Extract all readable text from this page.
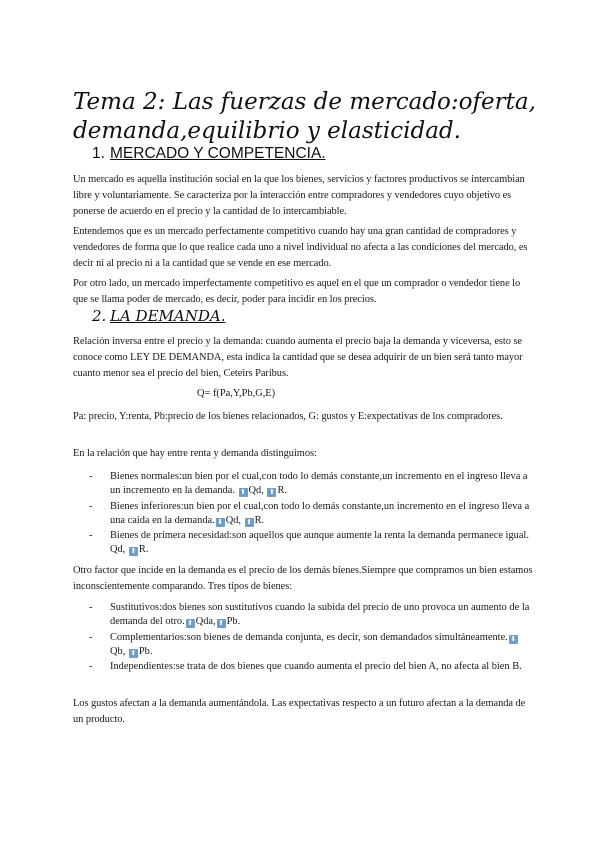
Tema 2: Las fuerzas de mercado:oferta, demanda,equilibrio y elasticidad.
1. MERCADO Y COMPETENCIA.

Un mercado es aquella institución social en la que los bienes, servicios y factores productivos se intercambian libre y voluntariamente. Se caracteriza por la interacción entre compradores y vendedores cuyo objetivo es ponerse de acuerdo en el precio y la cantidad de lo intercambiable.

Entendemos que es un mercado perfectamente competitivo cuando hay una gran cantidad de compradores y vendedores de forma que lo que realice cada uno a nivel individual no afecta a las condiciones del mercado, es decir ni al precio ni a la cantidad que se vende en ese mercado.

Por otro lado, un mercado imperfectamente competitivo es aquel en el que un comprador o vendedor tiene lo que se llama poder de mercado, es decir, poder para incidir en los precios.

2. LA DEMANDA.

Relación inversa entre el precio y la demanda: cuando aumenta el precio baja la demanda y viceversa, esto se conoce como LEY DE DEMANDA, esta indica la cantidad que se desea adquirir de un bien será tanto mayor cuanto menor sea el precio del bien, Ceteirs Paribus.

Q= f(Pa,Y,Pb,G,E)

Pa: precio, Y:renta, Pb:precio de los bienes relacionados, G: gustos y E:expectativas de los compradores.

En la relación que hay entre renta y demanda distinguimos:

- Bienes normales:un bien por el cual,con todo lo demás constante,un incremento en el ingreso lleva a un incremento en la demanda. ⬆ Qd, ⬆ R.
- Bienes inferiores:un bien por el cual,con todo lo demás constante,un incremento en el ingreso lleva a una caida en la demanda. ⬇ Qd, ⬆ R.
- Bienes de primera necesidad:son aquellos que aunque aumente la renta la demanda permanece igual. Qd, ⬆ R.

Otro factor que incide en la demanda es el precio de los demás bienes.Siempre que compramos un bien estamos inconscientemente comparando. Tres tipos de bienes:

- Sustitutivos:dos bienes son sustitutivos cuando la subida del precio de uno provoca un aumento de la demanda del otro. ⬆ Qda, ⬆ Pb.
- Complementarios:son bienes de demanda conjunta, es decir, son demandados simultáneamente. ⬇Qb, ⬆ Pb.
- Independientes:se trata de dos bienes que cuando aumenta el precio del bien A, no afecta al bien B.

Los gustos afectan a la demanda aumentándola. Las expectativas respecto a un futuro afectan a la demanda de un producto.
